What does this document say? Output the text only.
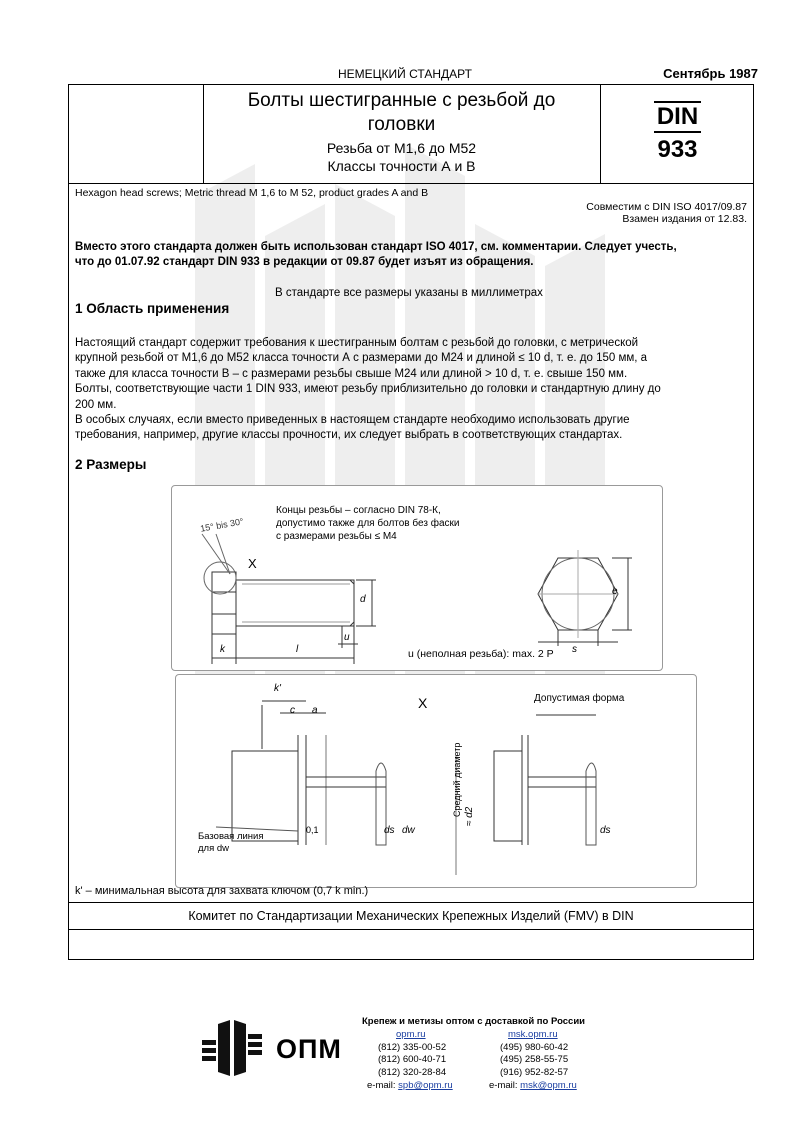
НЕМЕЦКИЙ СТАНДАРТ	Сентябрь 1987
Болты шестигранные с резьбой до
головки
Резьба от М1,6 до М52
Классы точности А и В
DIN
933
Hexagon head screws; Metric thread M 1,6 to M 52, product grades A and B
Совместим с DIN ISO 4017/09.87
Взамен издания от 12.83.
Вместо этого стандарта должен быть использован стандарт ISO 4017, см. комментарии. Следует учесть,
что до 01.07.92 стандарт DIN 933 в редакции от 09.87 будет изъят из обращения.
В стандарте все размеры указаны в миллиметрах
1 Область применения
Настоящий стандарт содержит требования к шестигранным болтам с резьбой до головки, с метрической
крупной резьбой от М1,6 до М52 класса точности А с размерами до М24 и длиной ≤ 10 d, т. е. до 150 мм, а
также для класса точности В – с размерами резьбы свыше М24 или длиной > 10 d, т. е. свыше 150 мм.
Болты, соответствующие части 1 DIN 933, имеют резьбу приблизительно до головки и стандартную длину до
200 мм.
В особых случаях, если вместо приведенных в настоящем стандарте необходимо использовать другие
требования, например, другие классы прочности, их следует выбрать в соответствующих стандартах.
2 Размеры
Концы резьбы – согласно DIN 78-К,
допустимо также для болтов без фаски
с размерами резьбы ≤ М4
15° bis 30°
X
d
u
k	l
e
s
u (неполная резьба): max. 2 P
k'
c a	X	Допустимая форма
Базовая линия
для dw
0,1	ds dw
≈ d2
Средний диаметр
ds
k' – минимальная высота для захвата ключом (0,7 k min.)
Комитет по Стандартизации Механических Крепежных Изделий (FMV) в DIN
ОПМ
Крепеж и метизы оптом с доставкой по России
opm.ru
(812) 335-00-52
(812) 600-40-71
(812) 320-28-84
msk.opm.ru
(495) 980-60-42
(495) 258-55-75
(916) 952-82-57
e-mail: spb@opm.ru	e-mail: msk@opm.ru
